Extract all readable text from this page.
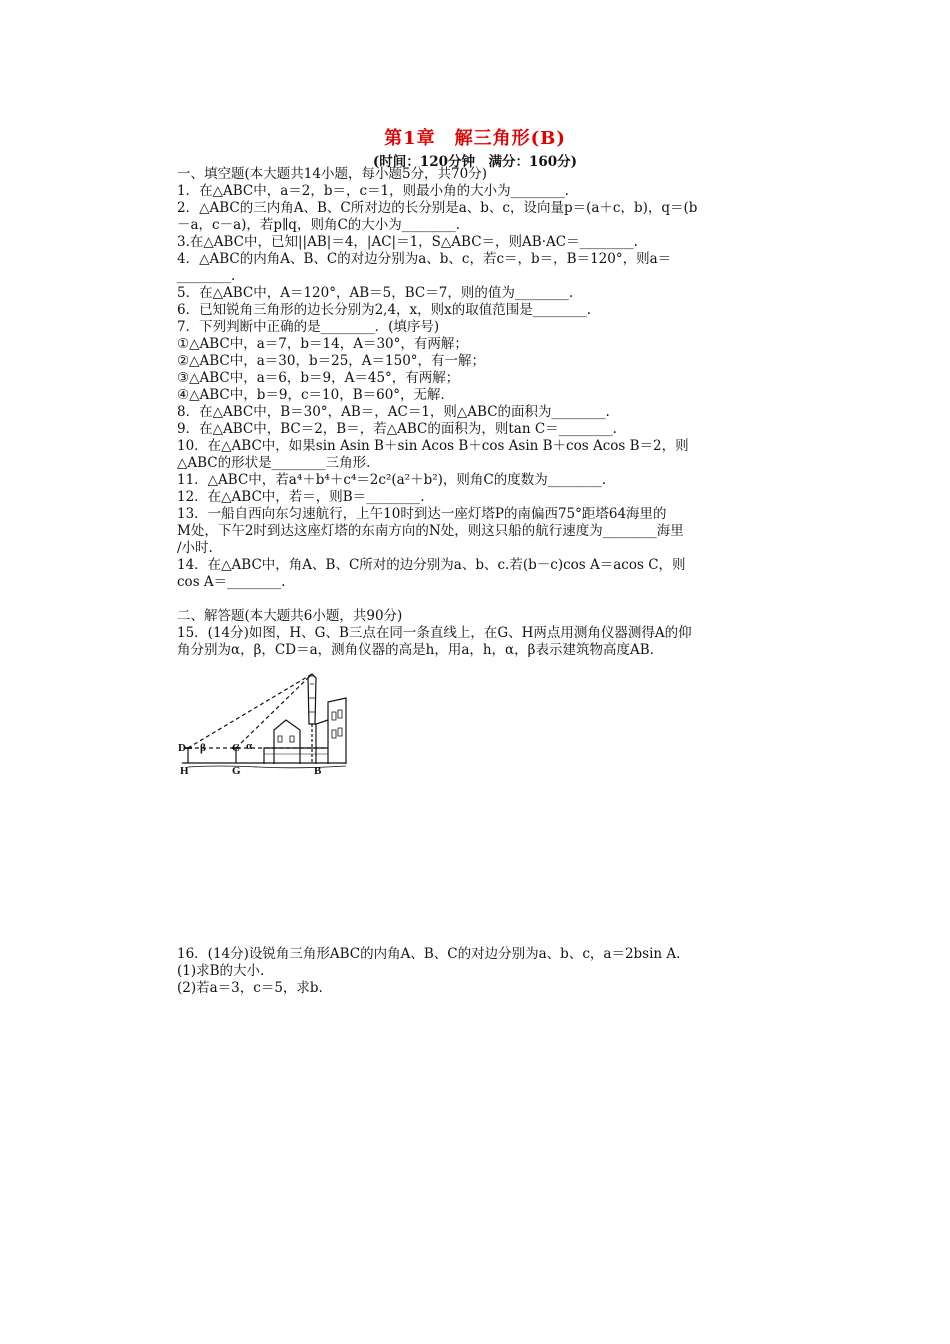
第1章　解三角形(B)
(时间：120分钟　满分：160分)
一、填空题(本大题共14小题，每小题5分，共70分)
1．在△ABC中，a＝2，b＝，c＝1，则最小角的大小为________.
2．△ABC的三内角A、B、C所对边的长分别是a、b、c，设向量p＝(a＋c，b)，q＝(b
－a，c－a)，若p∥q，则角C的大小为________.
3.在△ABC中，已知||AB|＝4，|AC|＝1，S△ABC＝，则AB·AC＝________.
4．△ABC的内角A、B、C的对边分别为a、b、c，若c＝，b＝，B＝120°，则a＝
________.
5．在△ABC中，A＝120°，AB＝5，BC＝7，则的值为________.
6．已知锐角三角形的边长分别为2,4，x，则x的取值范围是________.
7．下列判断中正确的是________．(填序号)
①△ABC中，a＝7，b＝14，A＝30°，有两解；
②△ABC中，a＝30，b＝25，A＝150°，有一解；
③△ABC中，a＝6，b＝9，A＝45°，有两解；
④△ABC中，b＝9，c＝10，B＝60°，无解．
8．在△ABC中，B＝30°，AB＝，AC＝1，则△ABC的面积为________.
9．在△ABC中，BC＝2，B＝，若△ABC的面积为，则tan C＝________.
10．在△ABC中，如果sin Asin B＋sin Acos B＋cos Asin B＋cos Acos B＝2，则
△ABC的形状是________三角形.
11．△ABC中，若a⁴＋b⁴＋c⁴＝2c²(a²＋b²)，则角C的度数为________.
12．在△ABC中，若＝，则B＝________.
13．一船自西向东匀速航行，上午10时到达一座灯塔P的南偏西75°距塔64海里的
M处，下午2时到达这座灯塔的东南方向的N处，则这只船的航行速度为________海里
/小时.
14．在△ABC中，角A、B、C所对的边分别为a、b、c.若(b－c)cos A＝acos C，则
cos A＝________.
二、解答题(本大题共6小题，共90分)
15．(14分)如图，H、G、B三点在同一条直线上，在G、H两点用测角仪器测得A的仰
角分别为α，β，CD＝a，测角仪器的高是h，用a，h，α，β表示建筑物高度AB.
D β C α
H	G	B
16．(14分)设锐角三角形ABC的内角A、B、C的对边分别为a、b、c，a＝2bsin A.
(1)求B的大小.
(2)若a＝3，c＝5，求b.
